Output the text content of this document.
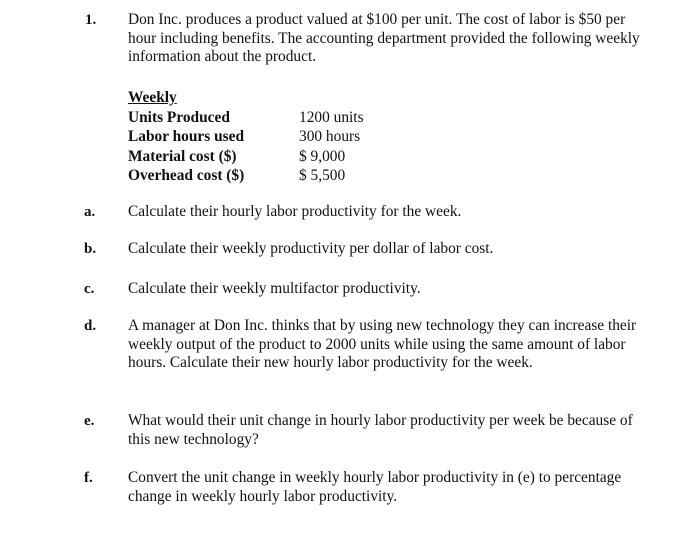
1. Don Inc. produces a product valued at $100 per unit. The cost of labor is $50 per hour including benefits. The accounting department provided the following weekly information about the product.
Weekly
Units Produced	1200 units
Labor hours used	300 hours
Material cost ($)	$ 9,000
Overhead cost ($)	$ 5,500
a. Calculate their hourly labor productivity for the week.
b. Calculate their weekly productivity per dollar of labor cost.
c. Calculate their weekly multifactor productivity.
d. A manager at Don Inc. thinks that by using new technology they can increase their weekly output of the product to 2000 units while using the same amount of labor hours. Calculate their new hourly labor productivity for the week.
e. What would their unit change in hourly labor productivity per week be because of this new technology?
f. Convert the unit change in weekly hourly labor productivity in (e) to percentage change in weekly hourly labor productivity.
